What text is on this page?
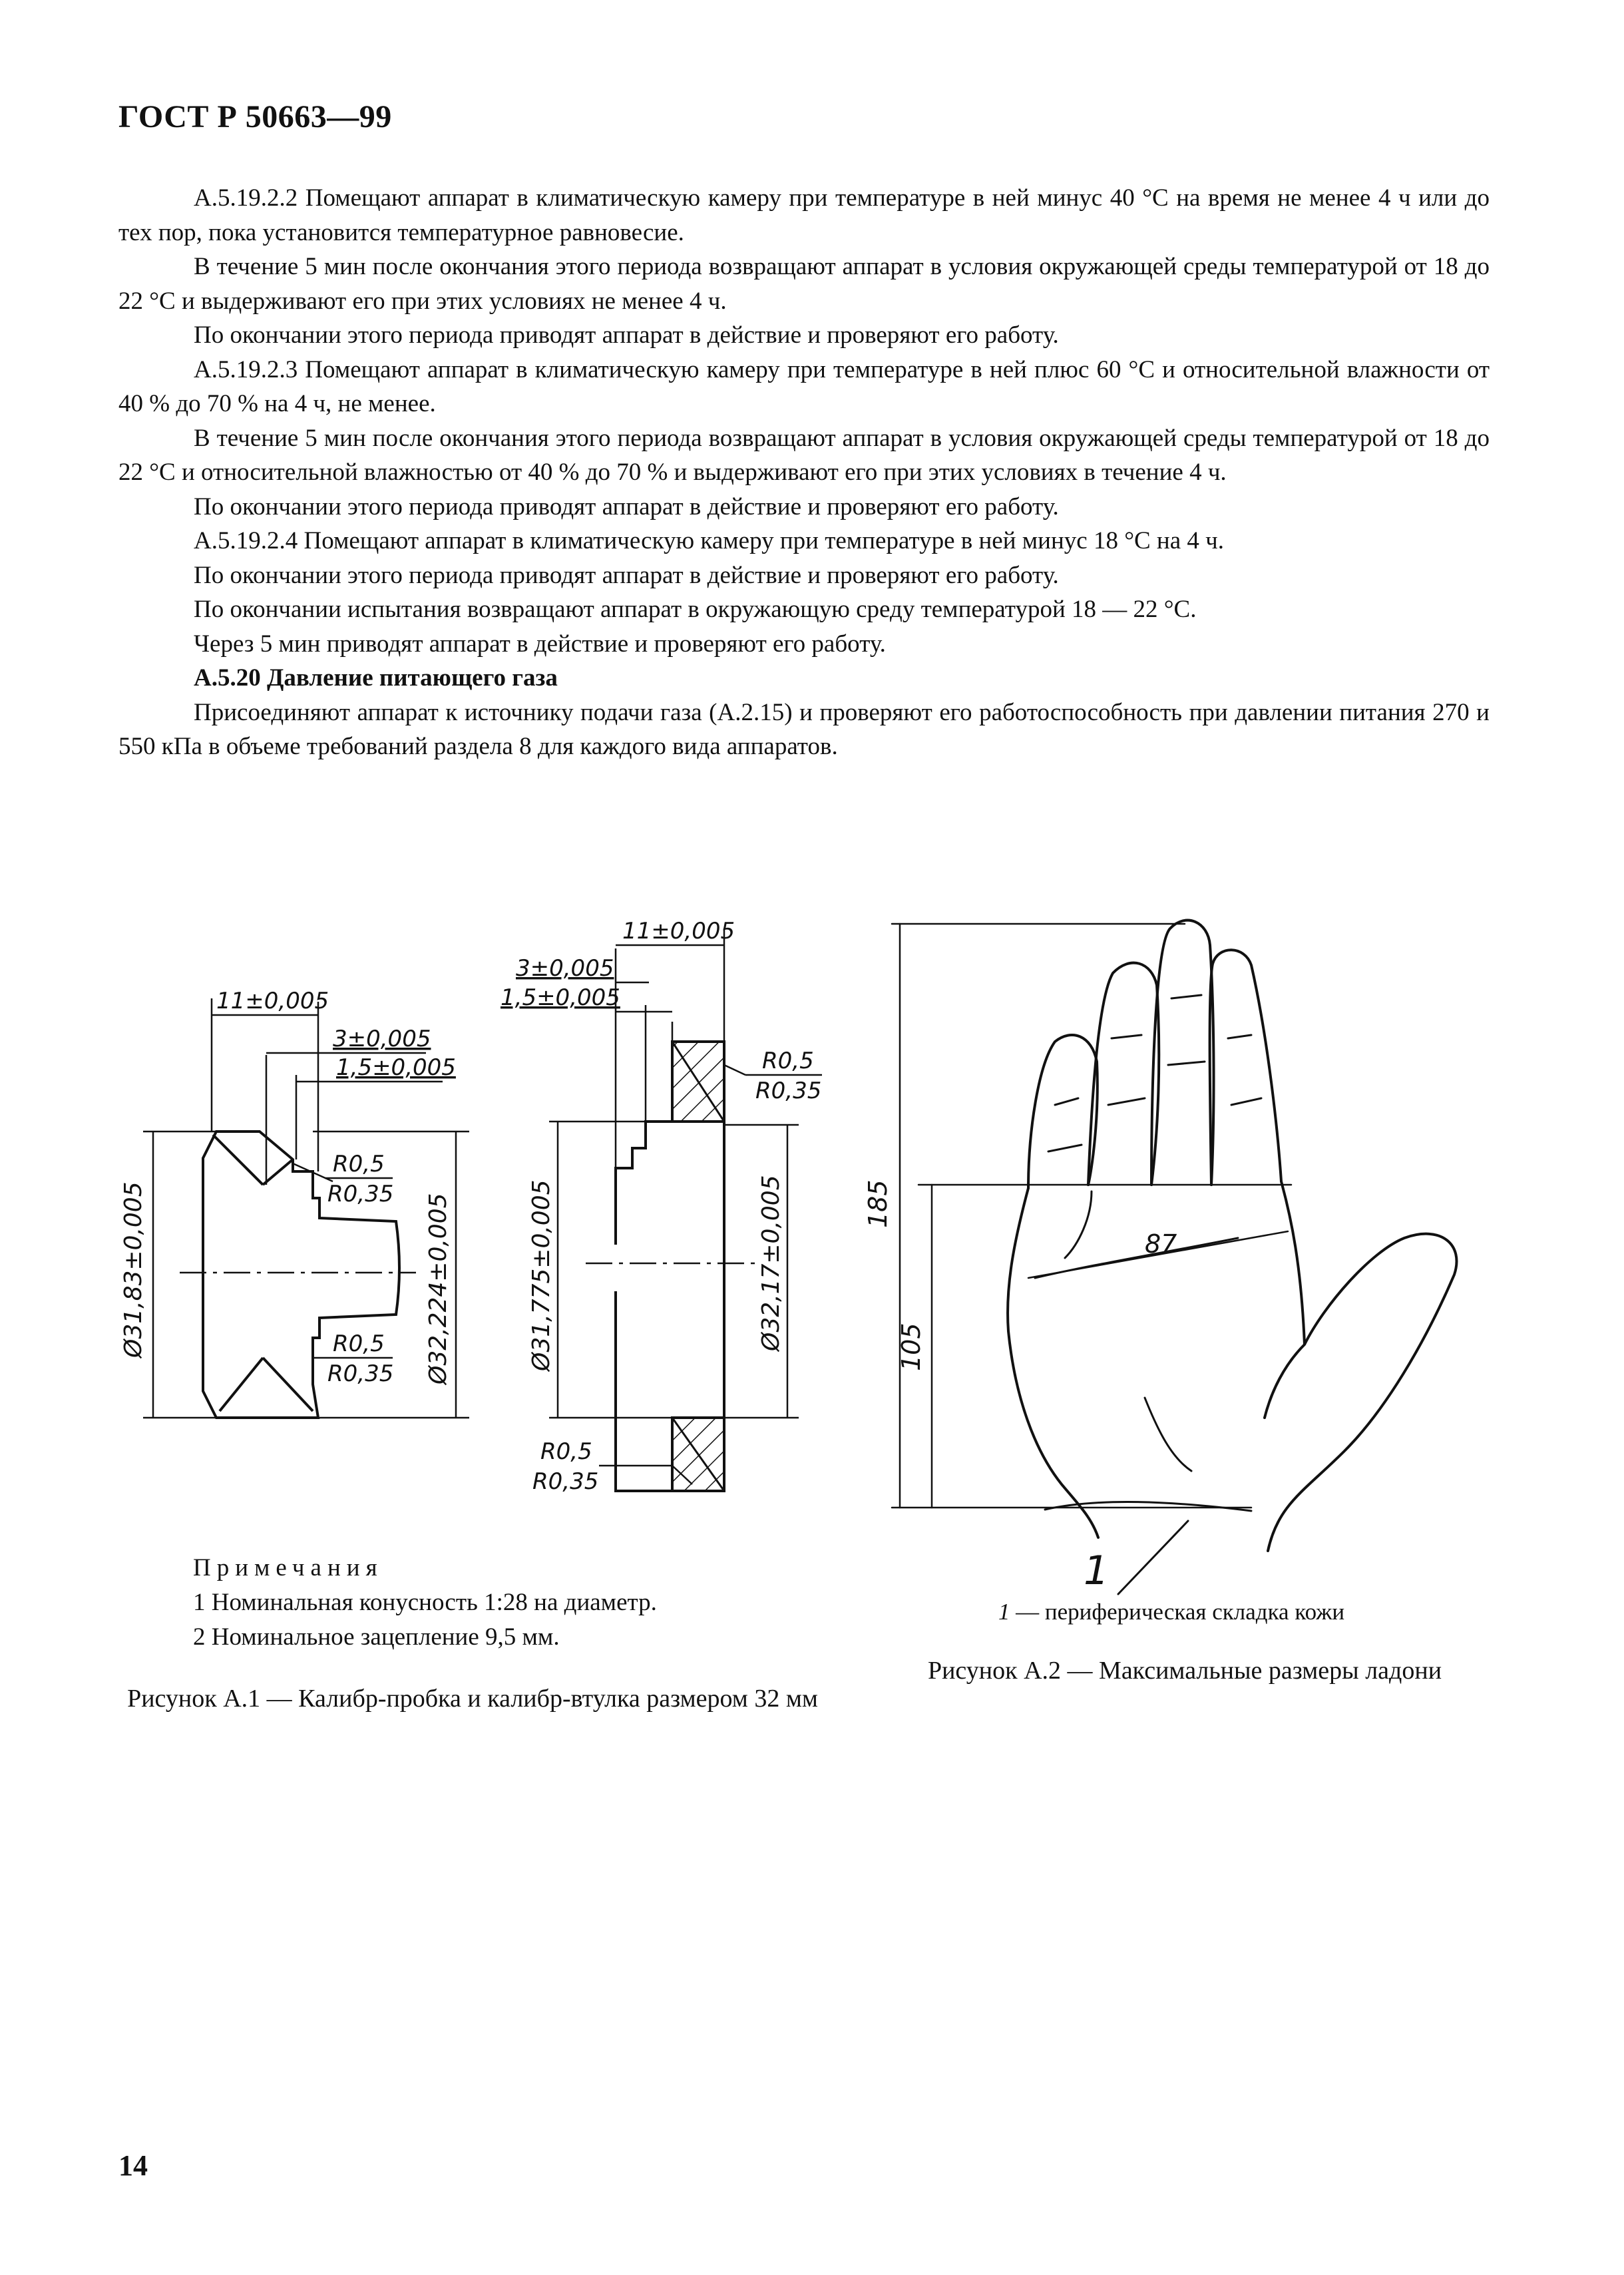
ГОСТ Р 50663—99

А.5.19.2.2 Помещают аппарат в климатическую камеру при температуре в ней минус 40 °С на время не менее 4 ч или до тех пор, пока установится температурное равновесие.

В течение 5 мин после окончания этого периода возвращают аппарат в условия окружающей среды температурой от 18 до 22 °С и выдерживают его при этих условиях не менее 4 ч.

По окончании этого периода приводят аппарат в действие и проверяют его работу.

А.5.19.2.3 Помещают аппарат в климатическую камеру при температуре в ней плюс 60 °С и относительной влажности от 40 % до 70 % на 4 ч, не менее.

В течение 5 мин после окончания этого периода возвращают аппарат в условия окружающей среды температурой от 18 до 22 °С и относительной влажностью от 40 % до 70 % и выдерживают его при этих условиях в течение 4 ч.

По окончании этого периода приводят аппарат в действие и проверяют его работу.

А.5.19.2.4 Помещают аппарат в климатическую камеру при температуре в ней минус 18 °С на 4 ч.

По окончании этого периода приводят аппарат в действие и проверяют его работу.

По окончании испытания возвращают аппарат в окружающую среду температурой 18 — 22 °С.

Через 5 мин приводят аппарат в действие и проверяют его работу.

А.5.20 Давление питающего газа

Присоединяют аппарат к источнику подачи газа (А.2.15) и проверяют его работоспособность при давлении питания 270 и 550 кПа в объеме требований раздела 8 для каждого вида аппаратов.

11±0,005
3±0,005
1,5±0,005
R0,5
R0,35
R0,5
R0,35
Ø31,83±0,005	Ø32,224±0,005
11±0,005
3±0,005
1,5±0,005
R0,5
R0,35
R0,5
R0,35
Ø31,775±0,005	Ø32,17±0,005	185
105
87
1
Примечания
1 Номинальная конусность 1:28 на диаметр.
2 Номинальное зацепление 9,5 мм.
Рисунок А.1 — Калибр-пробка и калибр-втулка размером 32 мм
1 — периферическая складка кожи
Рисунок А.2 — Максимальные размеры ладони
14
